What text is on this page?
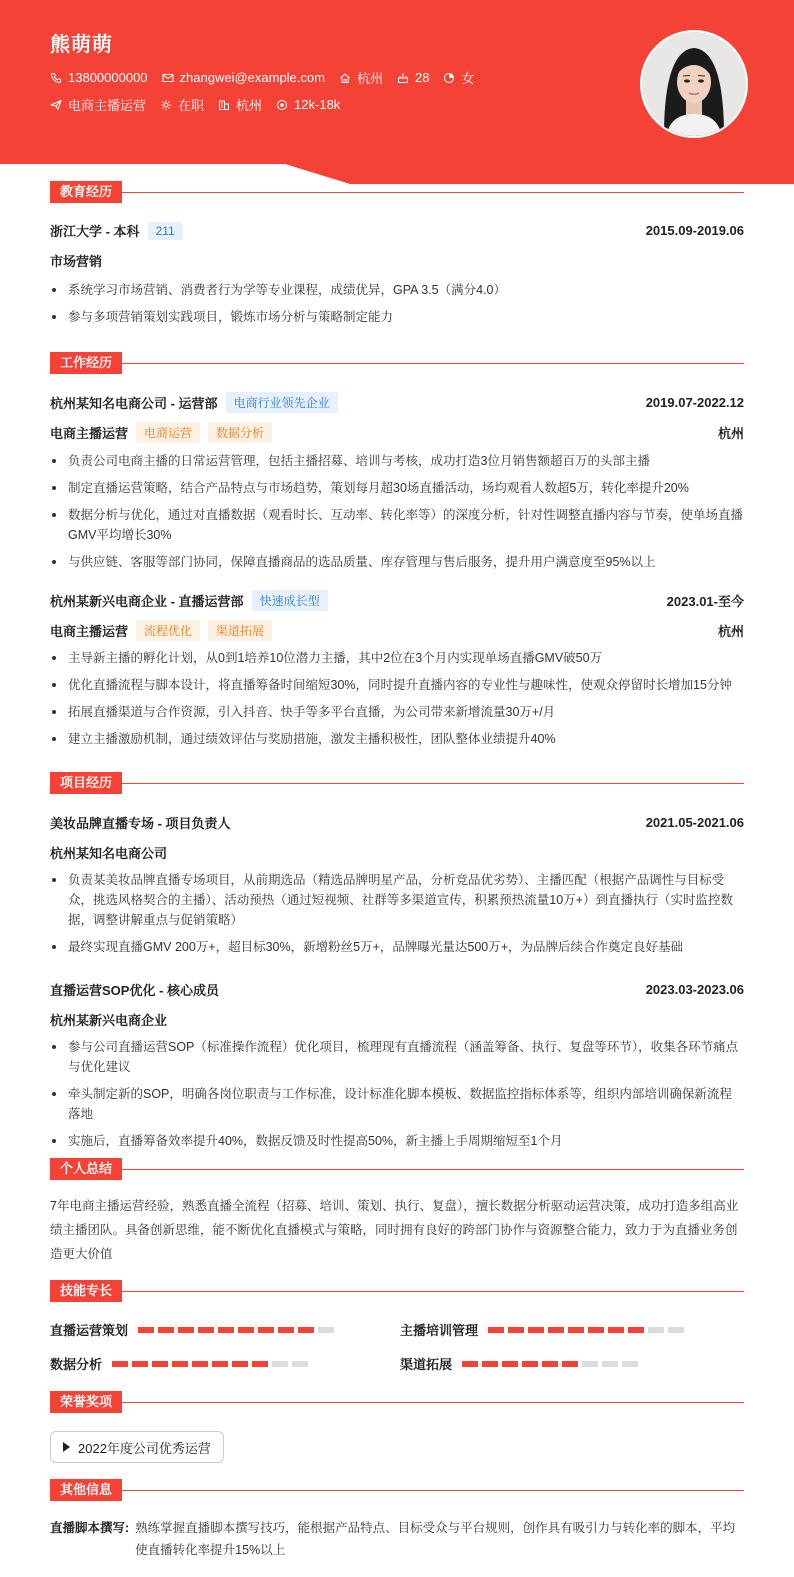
熊萌萌
13800000000 zhangwei@example.com 杭州 28 女
电商主播运营 在职 杭州 12k-18k
教育经历
浙江大学 - 本科	211	2015.09-2019.06
市场营销
系统学习市场营销、消费者行为学等专业课程，成绩优异，GPA 3.5（满分4.0）
参与多项营销策划实践项目，锻炼市场分析与策略制定能力
工作经历
杭州某知名电商公司 - 运营部	电商行业领先企业	2019.07-2022.12
电商主播运营	电商运营	数据分析	杭州
负责公司电商主播的日常运营管理，包括主播招募、培训与考核，成功打造3位月销售额超百万的头部主播
制定直播运营策略，结合产品特点与市场趋势，策划每月超30场直播活动，场均观看人数超5万，转化率提升20%
数据分析与优化，通过对直播数据（观看时长、互动率、转化率等）的深度分析，针对性调整直播内容与节奏，使单场直播GMV平均增长30%
与供应链、客服等部门协同，保障直播商品的选品质量、库存管理与售后服务，提升用户满意度至95%以上
杭州某新兴电商企业 - 直播运营部	快速成长型	2023.01-至今
电商主播运营	流程优化	渠道拓展	杭州
主导新主播的孵化计划，从0到1培养10位潜力主播，其中2位在3个月内实现单场直播GMV破50万
优化直播流程与脚本设计，将直播筹备时间缩短30%，同时提升直播内容的专业性与趣味性，使观众停留时长增加15分钟
拓展直播渠道与合作资源，引入抖音、快手等多平台直播，为公司带来新增流量30万+/月
建立主播激励机制，通过绩效评估与奖励措施，激发主播积极性，团队整体业绩提升40%
项目经历
美妆品牌直播专场 - 项目负责人	2021.05-2021.06
杭州某知名电商公司
负责某美妆品牌直播专场项目，从前期选品（精选品牌明星产品，分析竞品优劣势）、主播匹配（根据产品调性与目标受众，挑选风格契合的主播）、活动预热（通过短视频、社群等多渠道宣传，积累预热流量10万+）到直播执行（实时监控数据，调整讲解重点与促销策略）
最终实现直播GMV 200万+，超目标30%，新增粉丝5万+，品牌曝光量达500万+，为品牌后续合作奠定良好基础
直播运营SOP优化 - 核心成员	2023.03-2023.06
杭州某新兴电商企业
参与公司直播运营SOP（标准操作流程）优化项目，梳理现有直播流程（涵盖筹备、执行、复盘等环节），收集各环节痛点与优化建议
牵头制定新的SOP，明确各岗位职责与工作标准，设计标准化脚本模板、数据监控指标体系等，组织内部培训确保新流程落地
实施后，直播筹备效率提升40%，数据反馈及时性提高50%，新主播上手周期缩短至1个月
个人总结
7年电商主播运营经验，熟悉直播全流程（招募、培训、策划、执行、复盘），擅长数据分析驱动运营决策，成功打造多组高业绩主播团队。具备创新思维，能不断优化直播模式与策略，同时拥有良好的跨部门协作与资源整合能力，致力于为直播业务创造更大价值
技能专长
直播运营策划	主播培训管理
数据分析	渠道拓展
荣誉奖项
2022年度公司优秀运营
其他信息
直播脚本撰写: 熟练掌握直播脚本撰写技巧，能根据产品特点、目标受众与平台规则，创作具有吸引力与转化率的脚本，平均使直播转化率提升15%以上
